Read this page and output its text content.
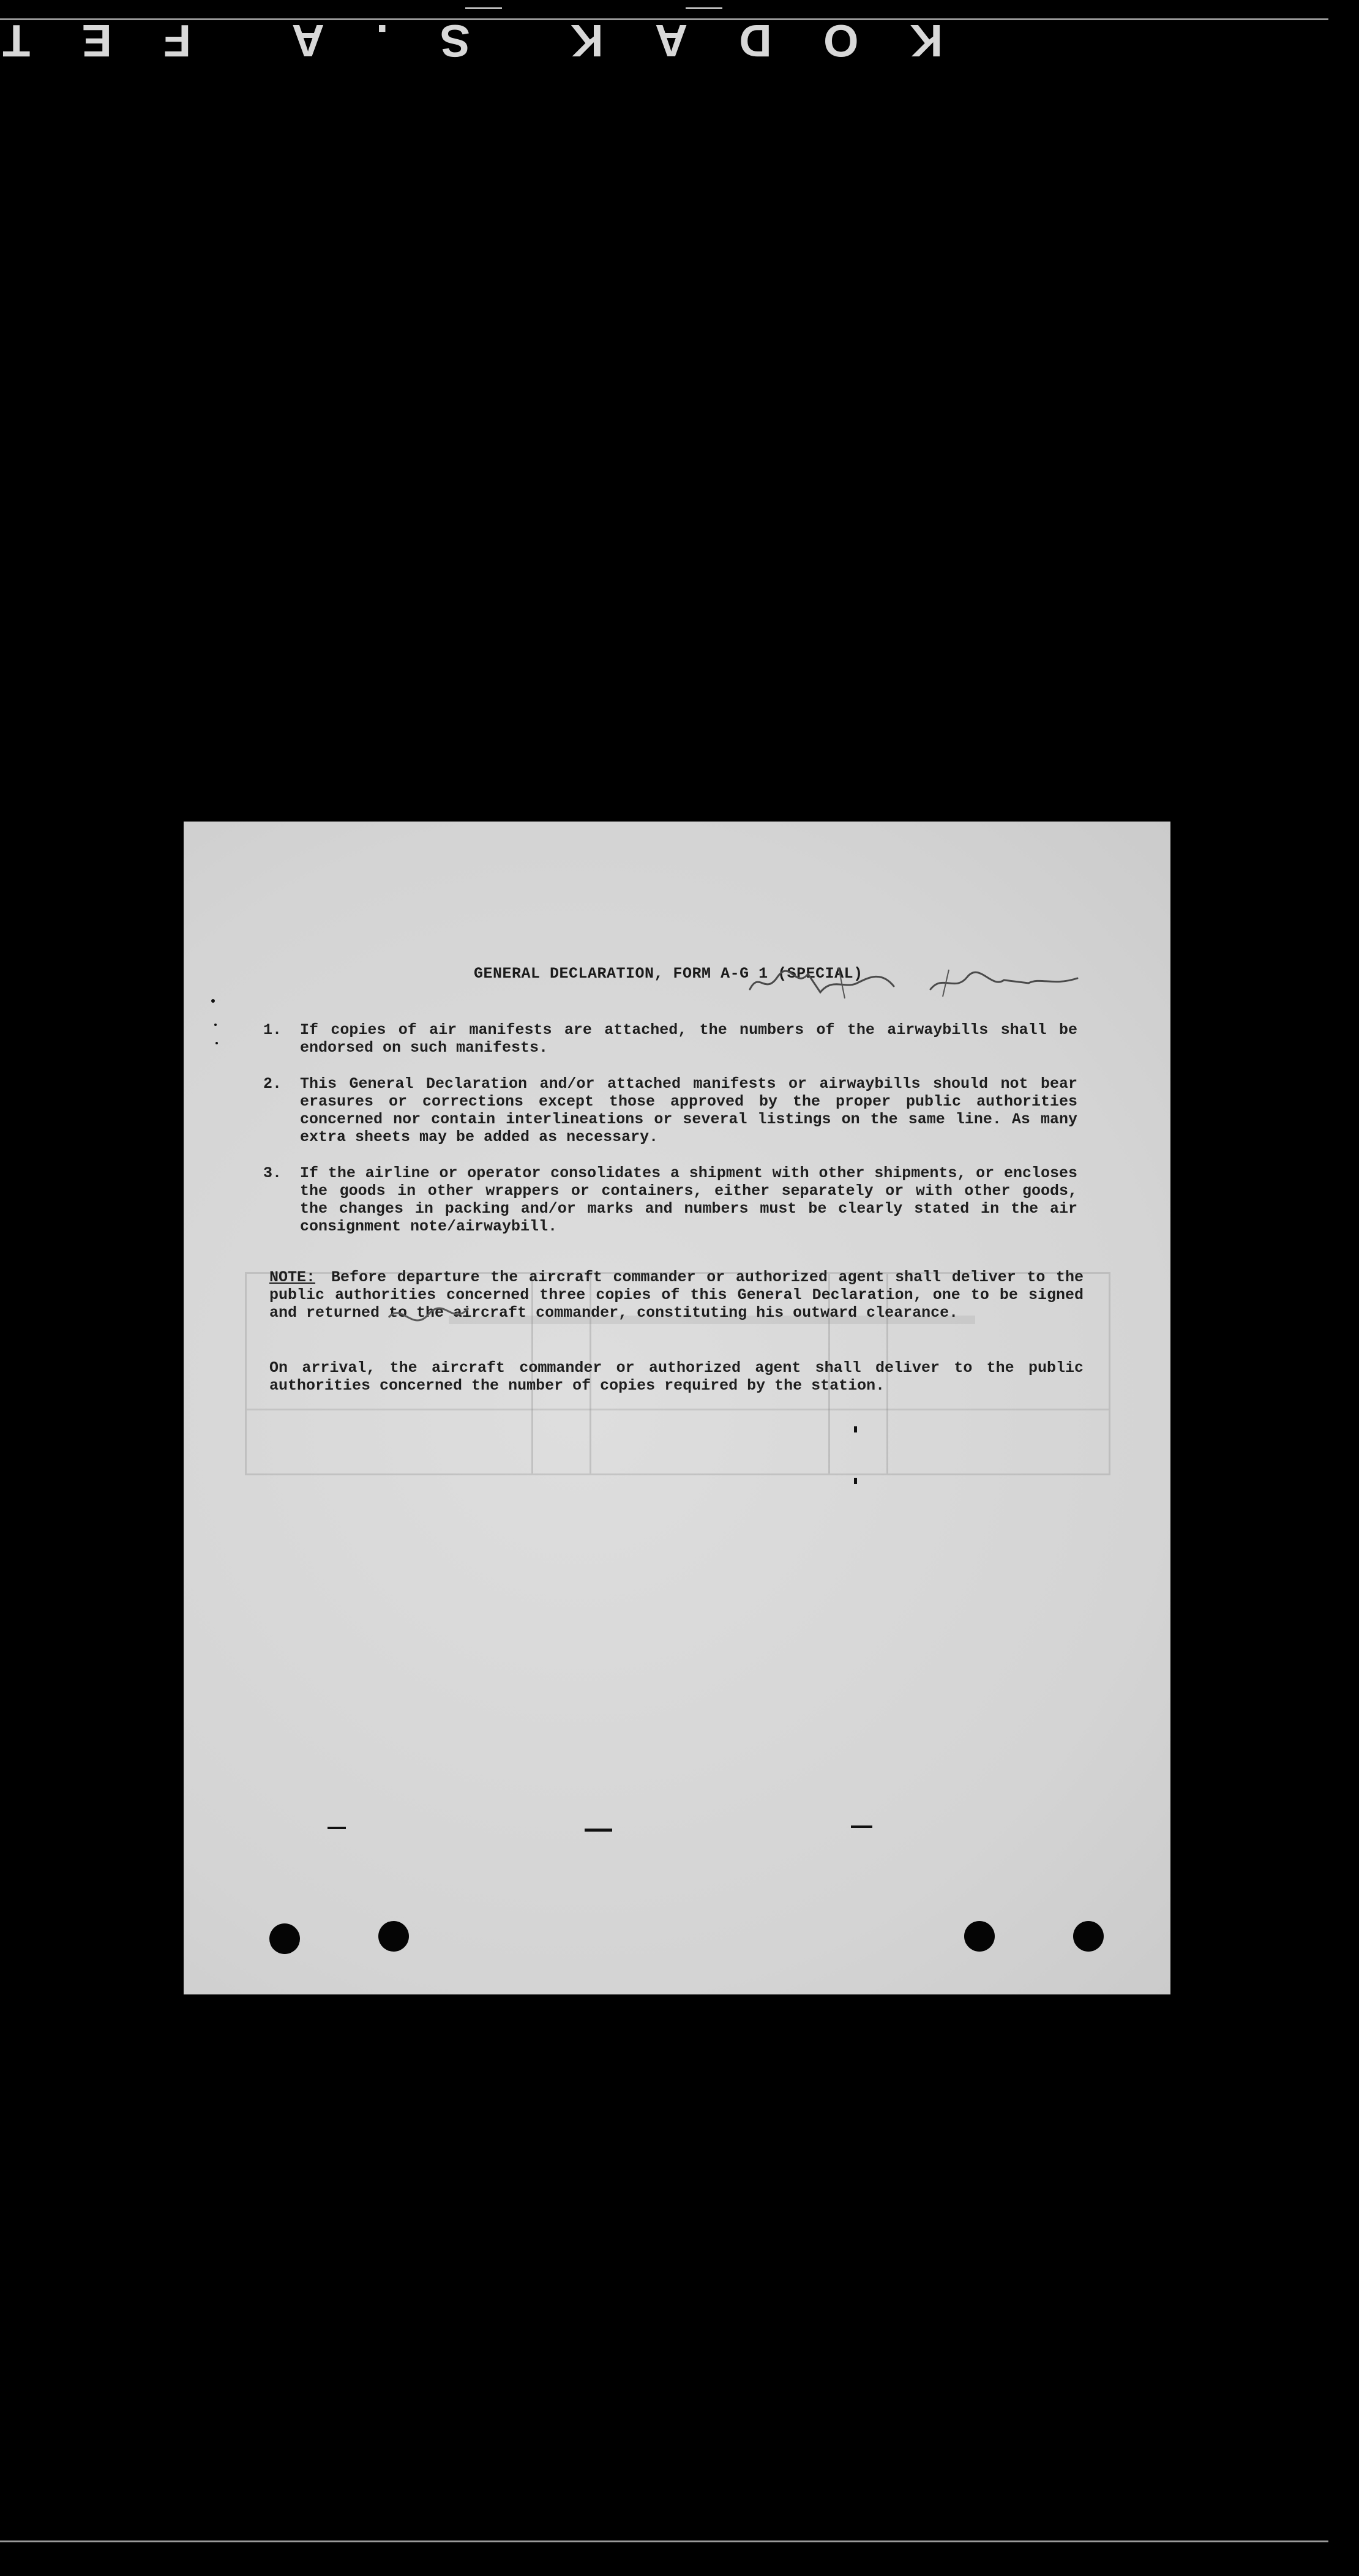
K
O
D
A
K
S
.
A
F
E
T
GENERAL DECLARATION, FORM A-G 1 (SPECIAL)
1.	If copies of air manifests are attached, the numbers of the airwaybills shall be endorsed on such manifests.
2.	This General Declaration and/or attached manifests or airwaybills should not bear erasures or corrections except those approved by the proper public authorities concerned nor contain interlineations or several listings on the same line. As many extra sheets may be added as necessary.
3.	If the airline or operator consolidates a shipment with other shipments, or encloses the goods in other wrappers or containers, either separately or with other goods, the changes in packing and/or marks and numbers must be clearly stated in the air consignment note/airwaybill.
NOTE: Before departure the aircraft commander or authorized agent shall deliver to the public authorities concerned three copies of this General Declaration, one to be signed and returned to the aircraft commander, constituting his outward clearance.
On arrival, the aircraft commander or authorized agent shall deliver to the public authorities concerned the number of copies required by the station.
